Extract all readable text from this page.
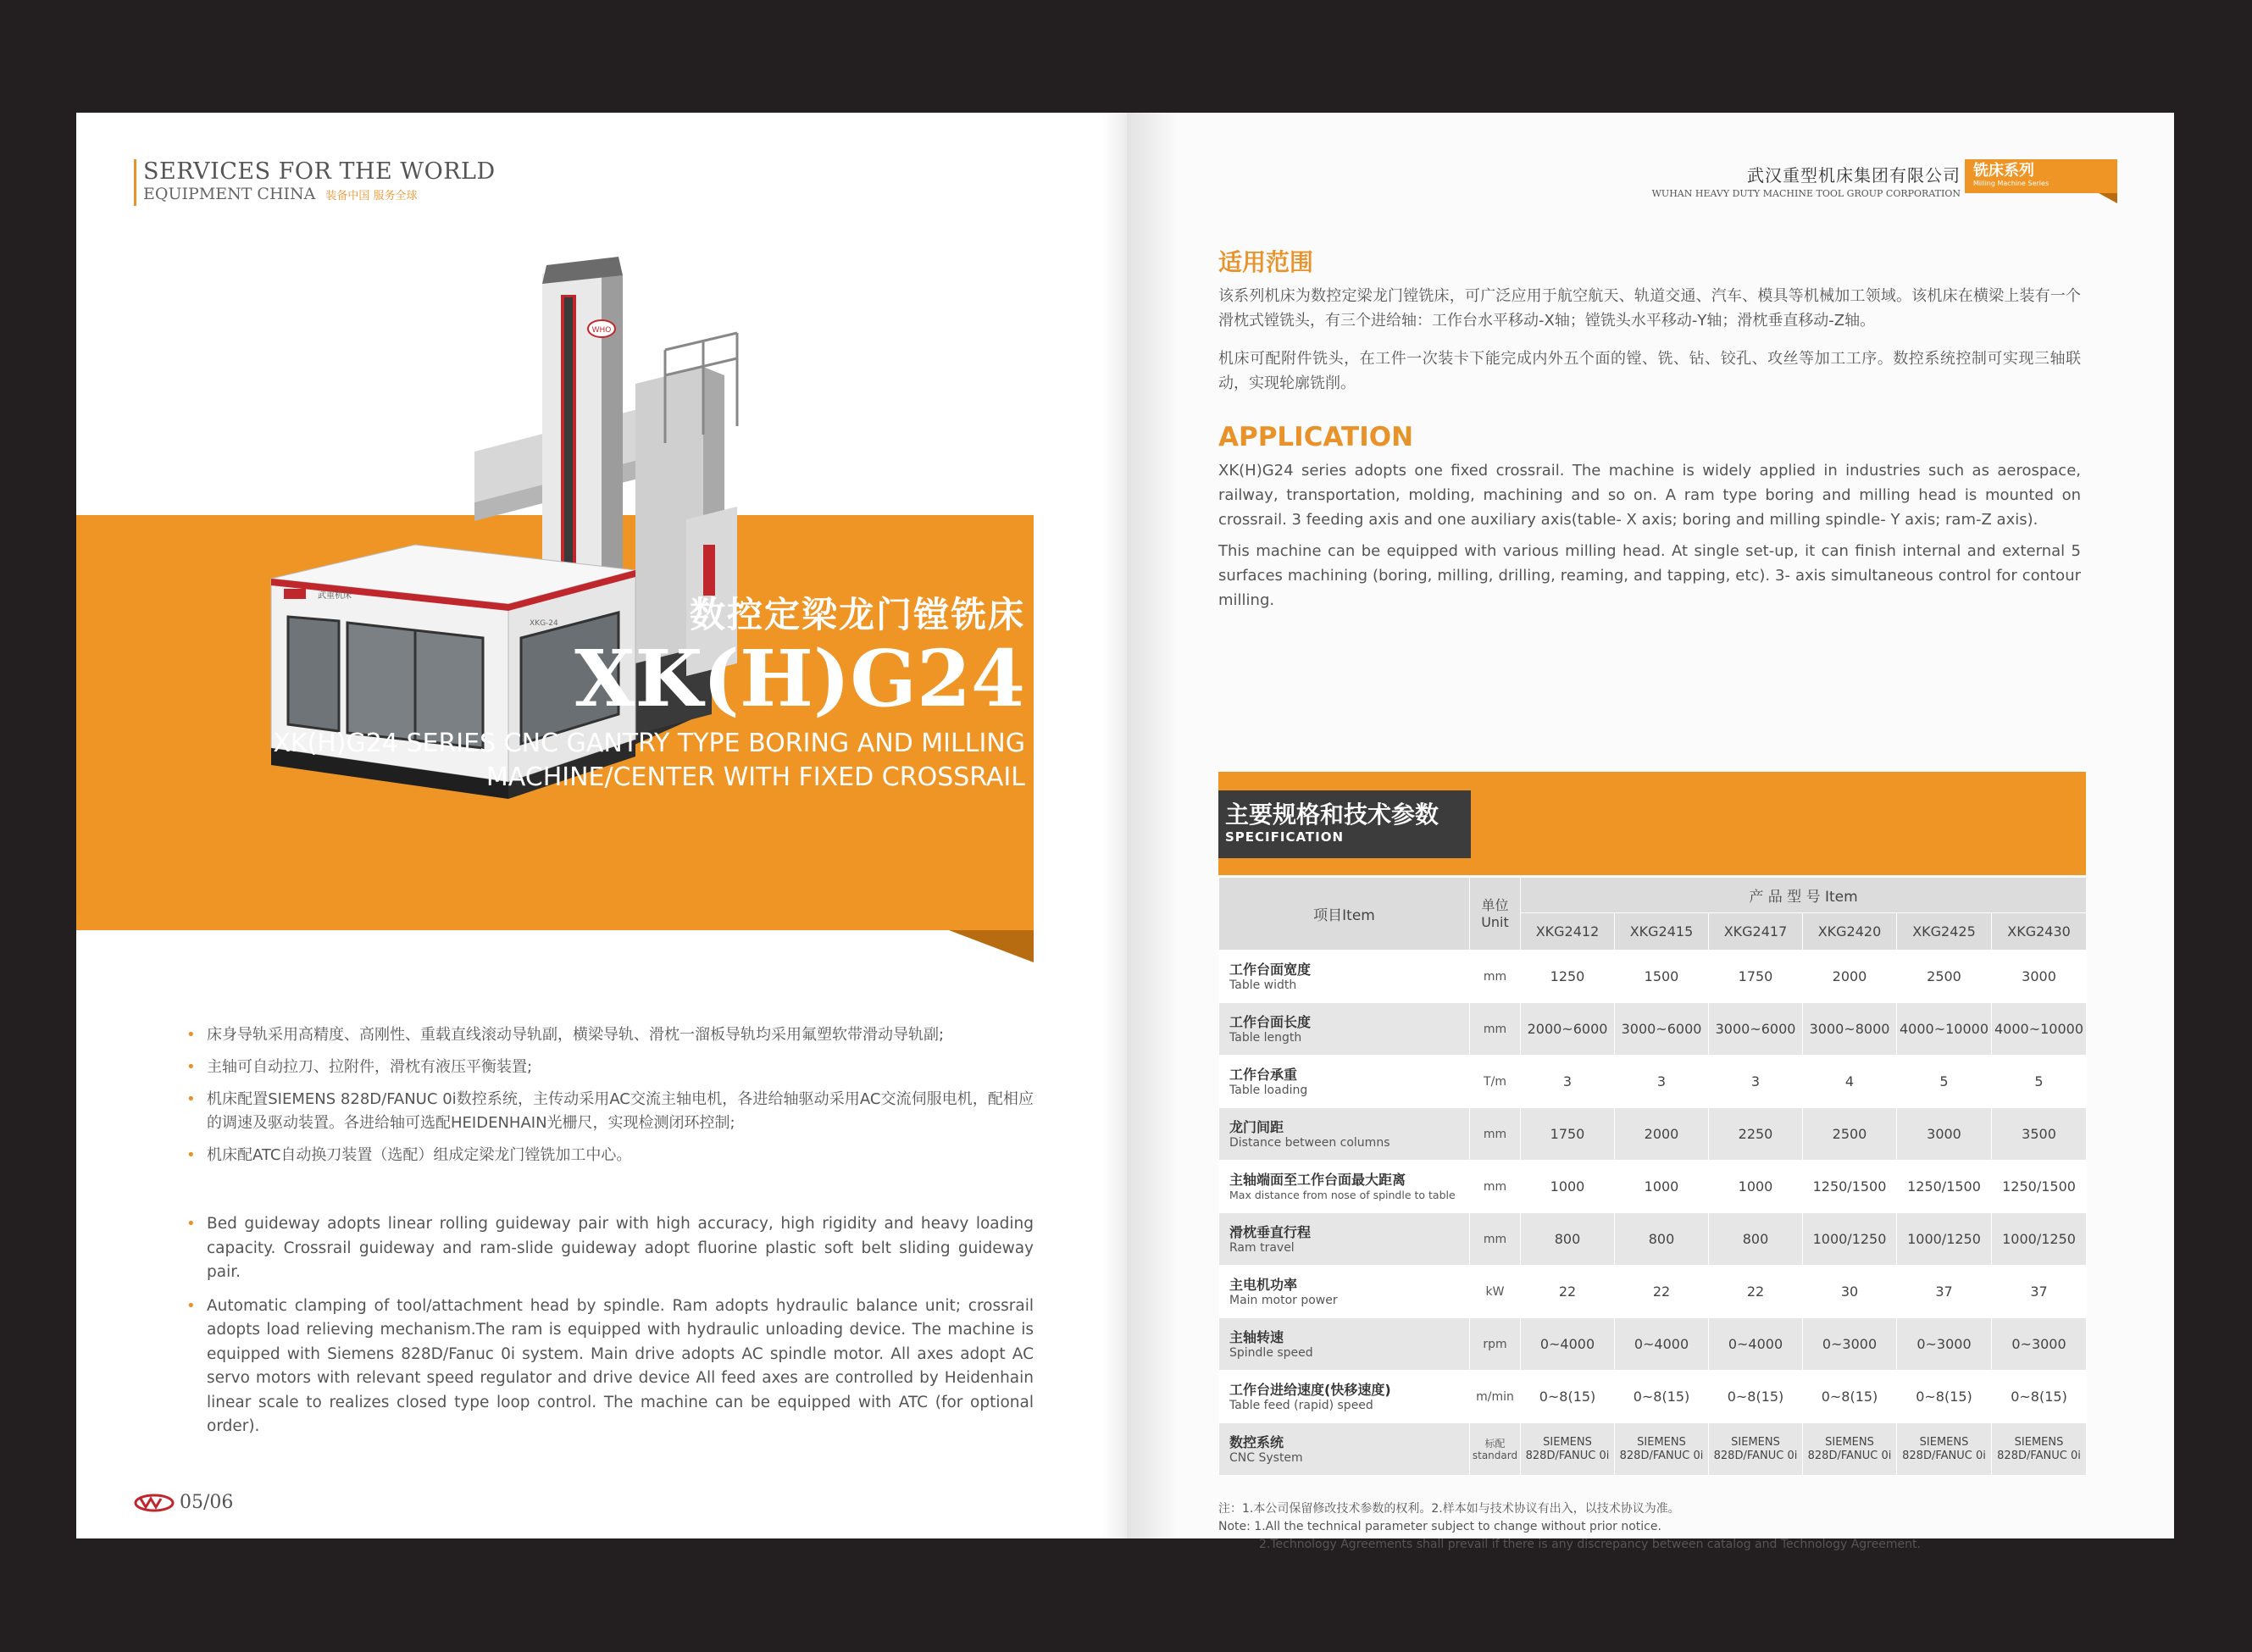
SERVICES FOR THE WORLD
EQUIPMENT CHINA 装备中国 服务全球
WHO
武重机床
XKG-24	数控定梁龙门镗铣床
XK(H)G24
XK(H)G24 SERIES CNC GANTRY TYPE BORING AND MILLING MACHINE/CENTER WITH FIXED CROSSRAIL
• 床身导轨采用高精度、高刚性、重载直线滚动导轨副，横梁导轨、滑枕一溜板导轨均采用氟塑软带滑动导轨副;
• 主轴可自动拉刀、拉附件，滑枕有液压平衡装置;
• 机床配置SIEMENS 828D/FANUC 0i数控系统，主传动采用AC交流主轴电机，各进给轴驱动采用AC交流伺服电机，配相应的调速及驱动装置。各进给轴可选配HEIDENHAIN光栅尺，实现检测闭环控制;
• 机床配ATC自动换刀装置（选配）组成定梁龙门镗铣加工中心。
• Bed guideway adopts linear rolling guideway pair with high accuracy, high rigidity and heavy loading capacity. Crossrail guideway and ram-slide guideway adopt fluorine plastic soft belt sliding guideway pair.
• Automatic clamping of tool/attachment head by spindle. Ram adopts hydraulic balance unit; crossrail adopts load relieving mechanism.The ram is equipped with hydraulic unloading device. The machine is equipped with Siemens 828D/Fanuc 0i system. Main drive adopts AC spindle motor. All axes adopt AC servo motors with relevant speed regulator and drive device All feed axes are controlled by Heidenhain linear scale to realizes closed type loop control. The machine can be equipped with ATC (for optional order).
05/06
武汉重型机床集团有限公司
WUHAN HEAVY DUTY MACHINE TOOL GROUP CORPORATION
铣床系列
Milling Machine Series
适用范围
该系列机床为数控定梁龙门镗铣床，可广泛应用于航空航天、轨道交通、汽车、模具等机械加工领域。该机床在横梁上装有一个滑枕式镗铣头，有三个进给轴：工作台水平移动-X轴；镗铣头水平移动-Y轴；滑枕垂直移动-Z轴。
机床可配附件铣头，在工件一次装卡下能完成内外五个面的镗、铣、钻、铰孔、攻丝等加工工序。数控系统控制可实现三轴联动，实现轮廓铣削。
APPLICATION
XK(H)G24 series adopts one fixed crossrail. The machine is widely applied in industries such as aerospace, railway, transportation, molding, machining and so on. A ram type boring and milling head is mounted on crossrail. 3 feeding axis and one auxiliary axis(table- X axis; boring and milling spindle- Y axis; ram-Z axis).
This machine can be equipped with various milling head. At single set-up, it can finish internal and external 5 surfaces machining (boring, milling, drilling, reaming, and tapping, etc). 3- axis simultaneous control for contour milling.
主要规格和技术参数
SPECIFICATION
项目Item	单位 Unit	产 品 型 号 Item					
		XKG2412	XKG2415	XKG2417	XKG2420	XKG2425	XKG2430

工作台面宽度
Table width	mm	1250	1500	1750	2000	2500	3000

工作台面长度
Table length	mm	2000~6000	3000~6000	3000~6000	3000~8000	4000~10000	4000~10000

工作台承重
Table loading	T/m	3	3	3	4	5	5

龙门间距
Distance between columns	mm	1750	2000	2250	2500	3000	3500

主轴端面至工作台面最大距离
Max distance from nose of spindle to table	mm	1000	1000	1000	1250/1500	1250/1500	1250/1500

滑枕垂直行程
Ram travel	mm	800	800	800	1000/1250	1000/1250	1000/1250

主电机功率
Main motor power	kW	22	22	22	30	37	37

主轴转速
Spindle speed	rpm	0~4000	0~4000	0~4000	0~3000	0~3000	0~3000

工作台进给速度(快移速度)
Table feed (rapid) speed	m/min	0~8(15)	0~8(15)	0~8(15)	0~8(15)	0~8(15)	0~8(15)

数控系统
CNC System	标配 standard	SIEMENS 828D/FANUC 0i	SIEMENS 828D/FANUC 0i	SIEMENS 828D/FANUC 0i	SIEMENS 828D/FANUC 0i	SIEMENS 828D/FANUC 0i	SIEMENS 828D/FANUC 0i
注：1.本公司保留修改技术参数的权利。2.样本如与技术协议有出入，以技术协议为准。
Note: 1.All the technical parameter subject to change without prior notice.
2.Technology Agreements shall prevail if there is any discrepancy between catalog and Technology Agreement.
